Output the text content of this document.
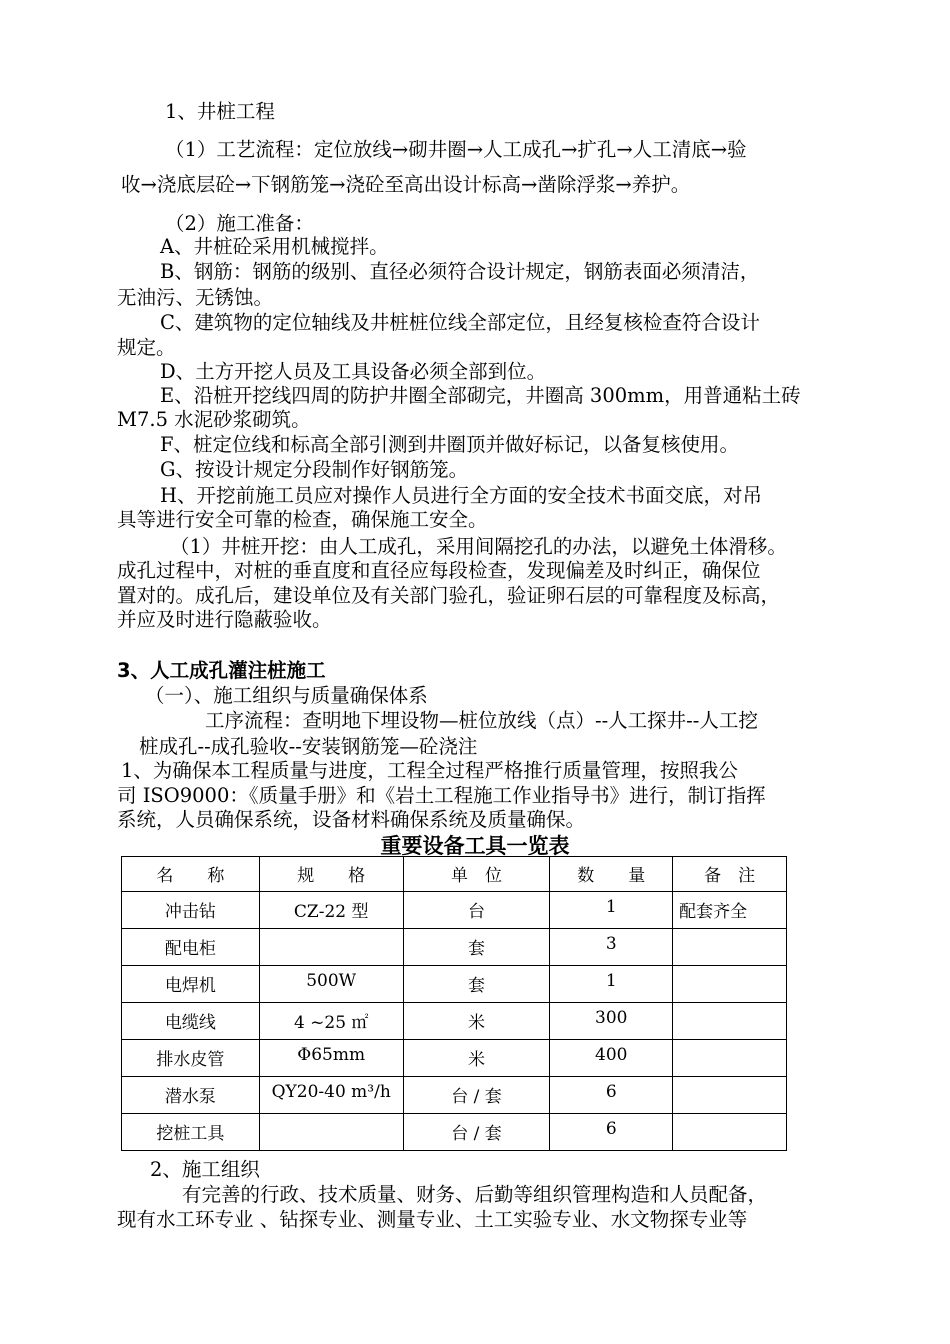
1、井桩工程
（1）工艺流程：定位放线→砌井圈→人工成孔→扩孔→人工清底→验
收→浇底层砼→下钢筋笼→浇砼至高出设计标高→凿除浮浆→养护。
（2）施工准备：
A、井桩砼采用机械搅拌。
B、钢筋：钢筋的级别、直径必须符合设计规定，钢筋表面必须清洁，
无油污、无锈蚀。
C、建筑物的定位轴线及井桩桩位线全部定位，且经复核检查符合设计
规定。
D、土方开挖人员及工具设备必须全部到位。
E、沿桩开挖线四周的防护井圈全部砌完，井圈高 300mm，用普通粘土砖
M7.5 水泥砂浆砌筑。
F、桩定位线和标高全部引测到井圈顶并做好标记，以备复核使用。
G、按设计规定分段制作好钢筋笼。
H、开挖前施工员应对操作人员进行全方面的安全技术书面交底，对吊
具等进行安全可靠的检查，确保施工安全。
（1）井桩开挖：由人工成孔，采用间隔挖孔的办法，以避免土体滑移。
成孔过程中，对桩的垂直度和直径应每段检查，发现偏差及时纠正，确保位
置对的。成孔后，建设单位及有关部门验孔，验证卵石层的可靠程度及标高，
并应及时进行隐蔽验收。
3、人工成孔灌注桩施工
（一）、施工组织与质量确保体系
工序流程：查明地下埋设物—桩位放线（点）--人工探井--人工挖
桩成孔--成孔验收--安装钢筋笼—砼浇注
1、为确保本工程质量与进度，工程全过程严格推行质量管理，按照我公
司 ISO9000：《质量手册》和《岩土工程施工作业指导书》进行，制订指挥
系统，人员确保系统，设备材料确保系统及质量确保。
重要设备工具一览表
名　　称	规　　格	单　位	数　　量	备　注

冲击钻	CZ-22 型	台	1	配套齐全

配电柜		套	3	

电焊机	500W	套	1	

电缆线	4 ~25 ㎡	米	300	

排水皮管	Φ65mm	米	400	

潜水泵	QY20-40 m³/h	台 / 套	6	

挖桩工具		台 / 套	6	

2、施工组织
有完善的行政、技术质量、财务、后勤等组织管理构造和人员配备，
现有水工环专业 、钻探专业、测量专业、土工实验专业、水文物探专业等
